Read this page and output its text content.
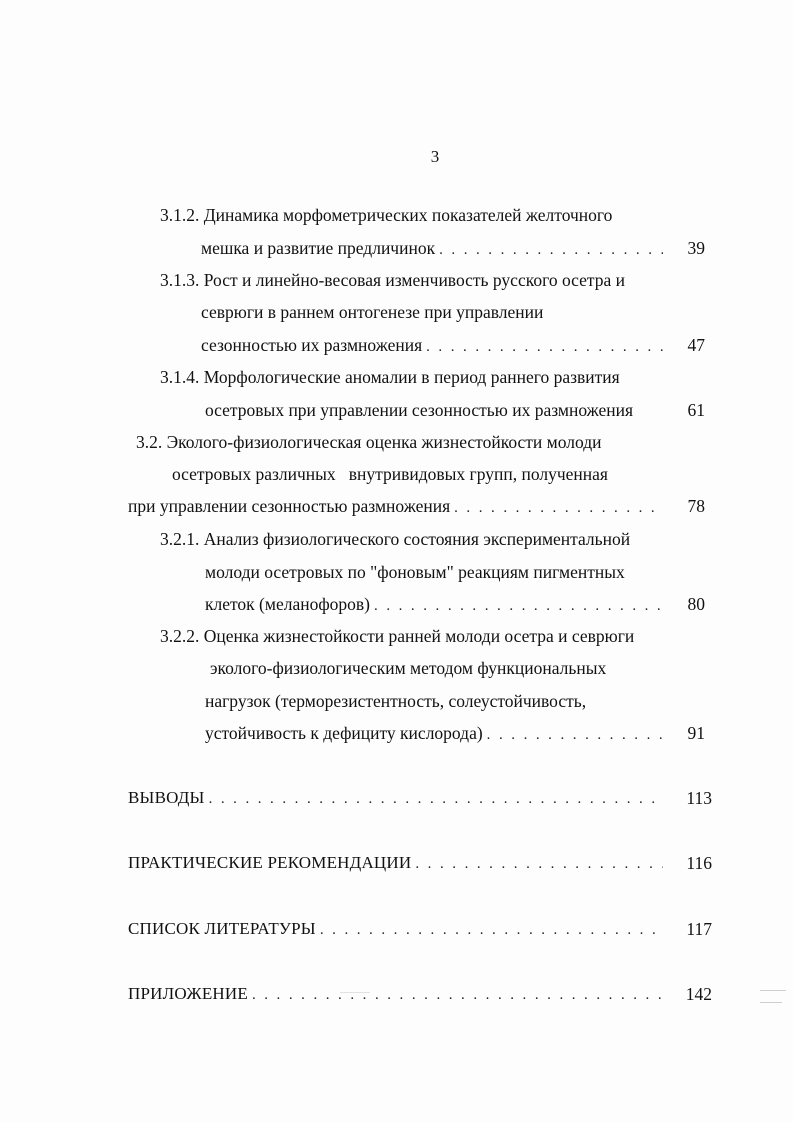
3
3.1.2. Динамика морфометрических показателей желточного
мешка и развитие предличинок . . .	39
3.1.3. Рост и линейно-весовая изменчивость русского осетра и
севрюги в раннем онтогенезе при управлении
сезонностью их размножения . . .	47
3.1.4. Морфологические аномалии в период раннего развития
осетровых при управлении сезонностью их размножения	61
3.2. Эколого-физиологическая оценка жизнестойкости молоди
осетровых различных   внутривидовых групп, полученная
при управлении сезонностью размножения . . .	78
3.2.1. Анализ физиологического состояния экспериментальной
молоди осетровых по "фоновым" реакциям пигментных
клеток (меланофоров) . . .	80
3.2.2. Оценка жизнестойкости ранней молоди осетра и севрюги
эколого-физиологическим методом функциональных
нагрузок (терморезистентность, солеустойчивость,
устойчивость к дефициту кислорода) . . .	91
ВЫВОДЫ . . .	113
ПРАКТИЧЕСКИЕ РЕКОМЕНДАЦИИ . . .	116
СПИСОК ЛИТЕРАТУРЫ . . .	117
ПРИЛОЖЕНИЕ . . .	142
